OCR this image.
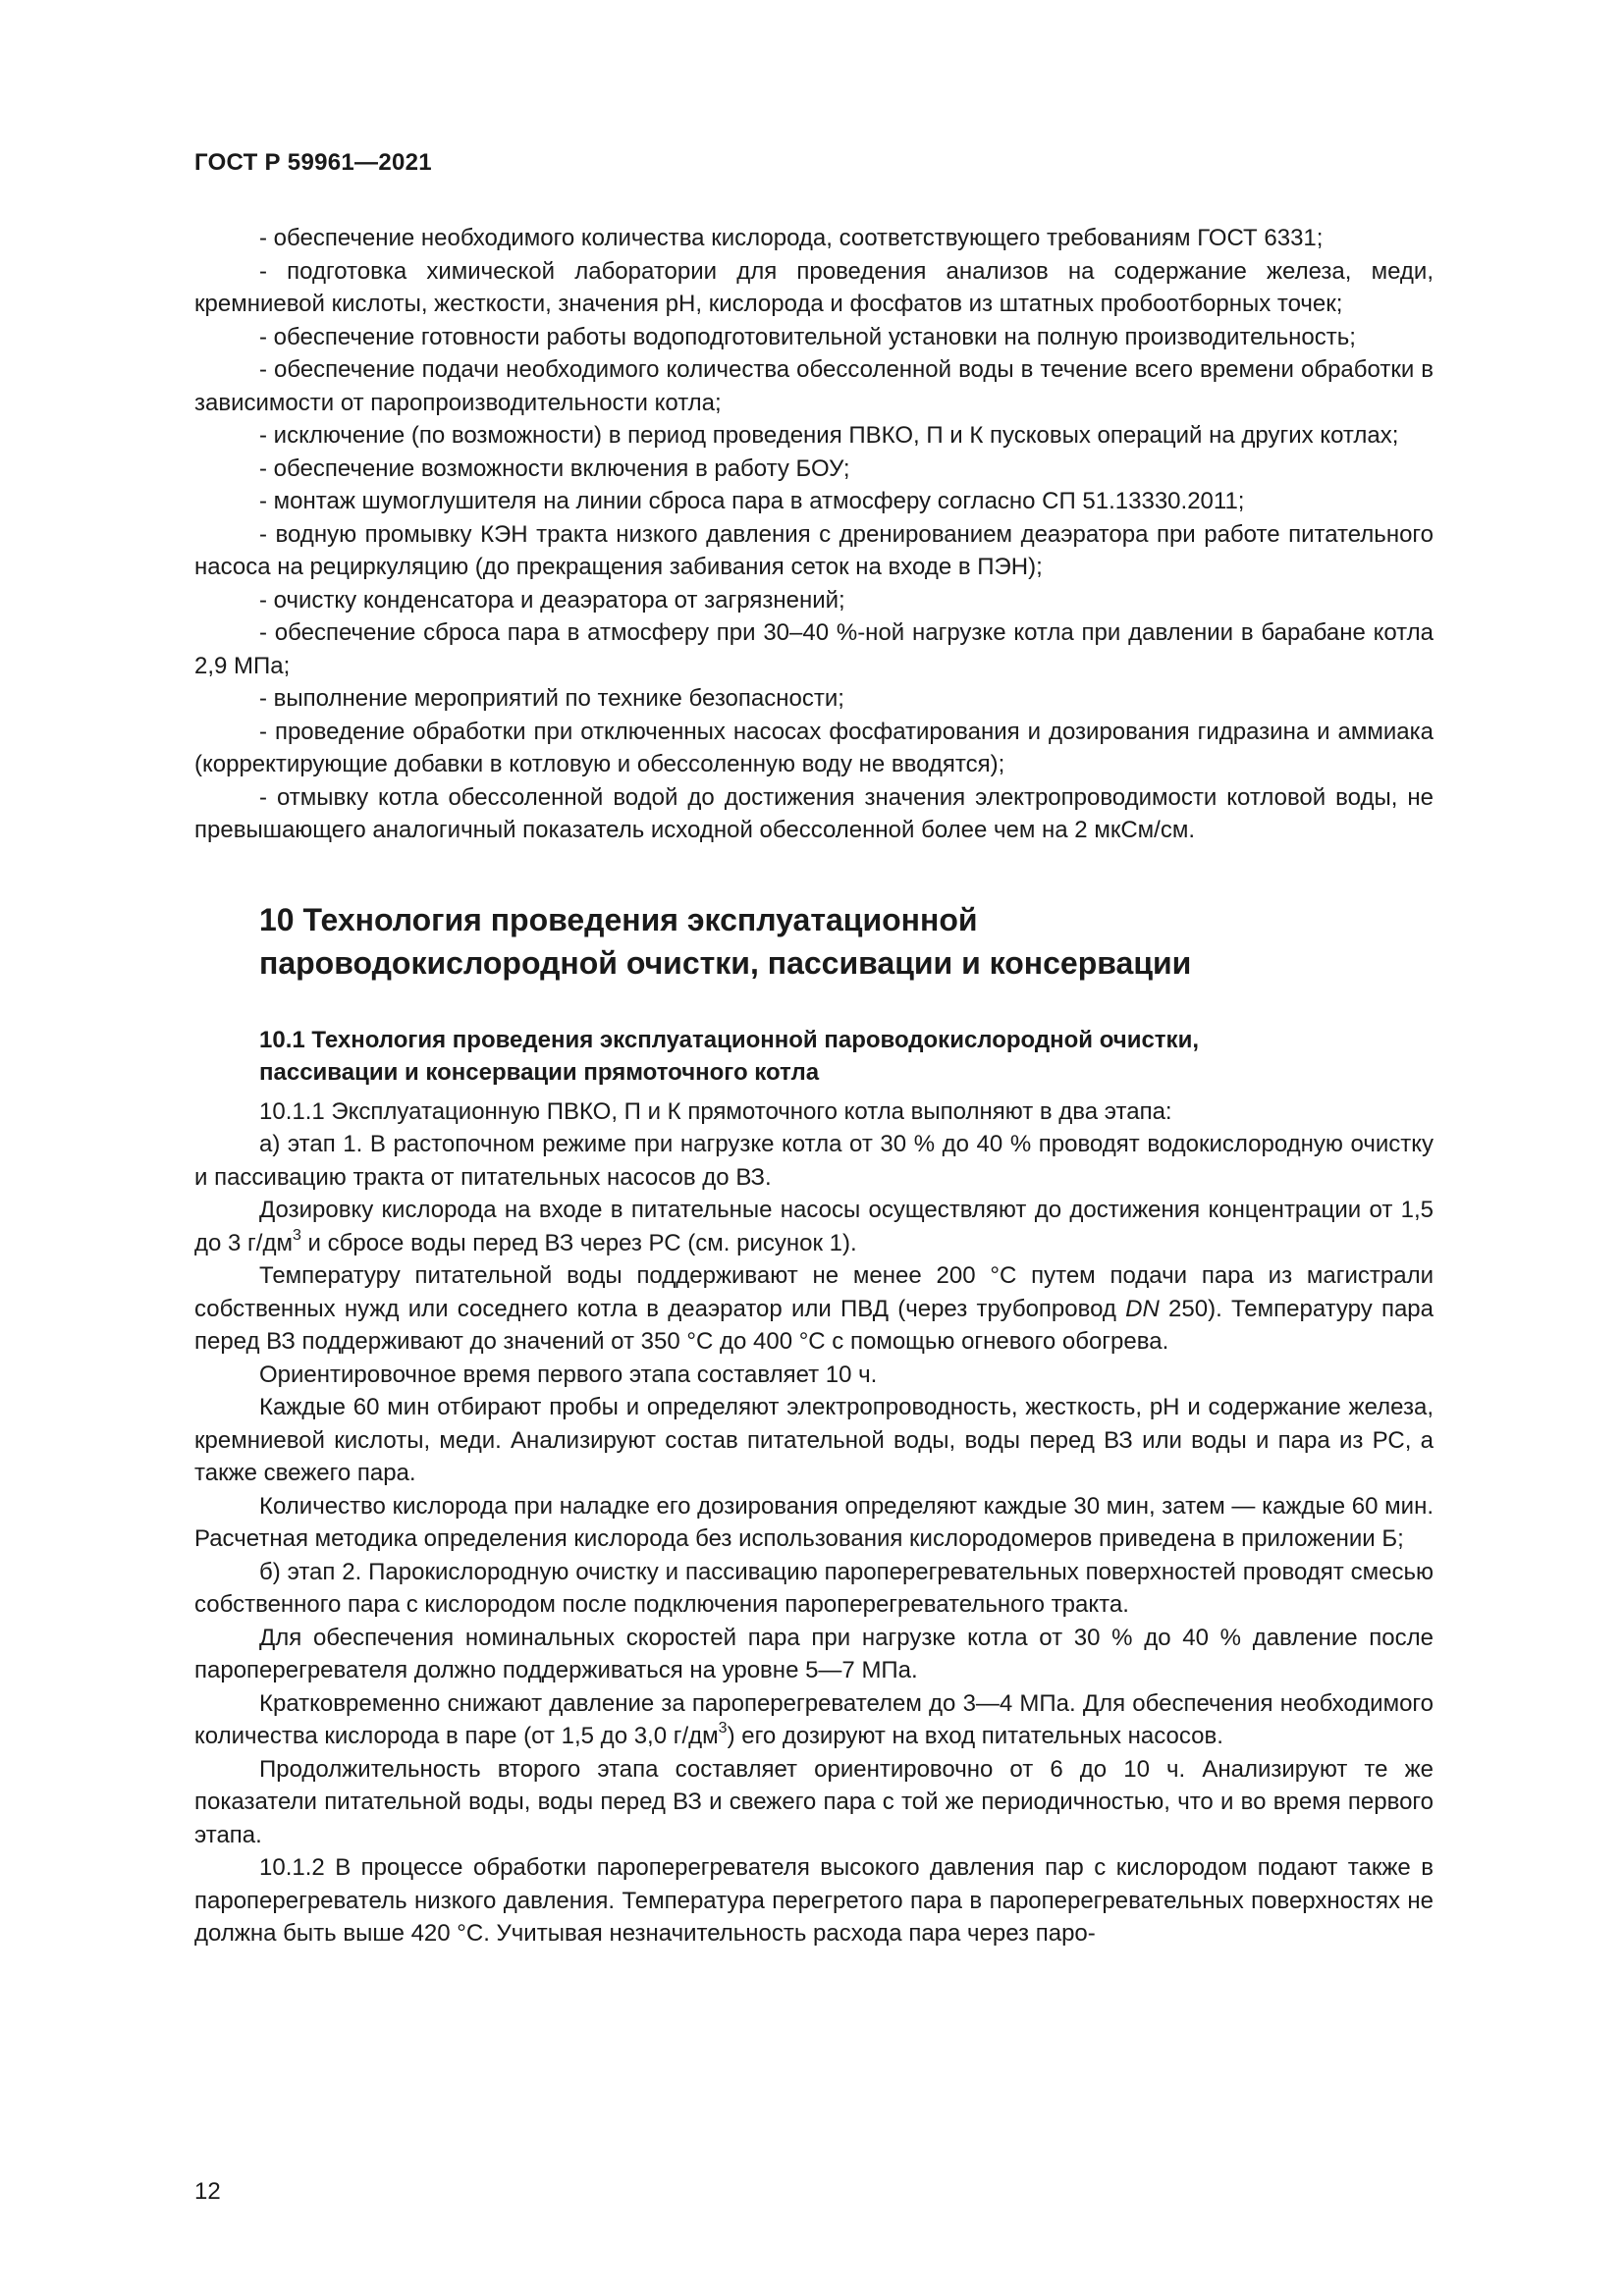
ГОСТ Р 59961—2021

- обеспечение необходимого количества кислорода, соответствующего требованиям ГОСТ 6331;

- подготовка химической лаборатории для проведения анализов на содержание железа, меди, кремниевой кислоты, жесткости, значения рН, кислорода и фосфатов из штатных пробоотборных точек;

- обеспечение готовности работы водоподготовительной установки на полную производительность;

- обеспечение подачи необходимого количества обессоленной воды в течение всего времени обработки в зависимости от паропроизводительности котла;

- исключение (по возможности) в период проведения ПВКО, П и К пусковых операций на других котлах;

- обеспечение возможности включения в работу БОУ;

- монтаж шумоглушителя на линии сброса пара в атмосферу согласно СП 51.13330.2011;

- водную промывку КЭН тракта низкого давления с дренированием деаэратора при работе питательного насоса на рециркуляцию (до прекращения забивания сеток на входе в ПЭН);

- очистку конденсатора и деаэратора от загрязнений;

- обеспечение сброса пара в атмосферу при 30–40 %-ной нагрузке котла при давлении в барабане котла 2,9 МПа;

- выполнение мероприятий по технике безопасности;

- проведение обработки при отключенных насосах фосфатирования и дозирования гидразина и аммиака (корректирующие добавки в котловую и обессоленную воду не вводятся);

- отмывку котла обессоленной водой до достижения значения электропроводимости котловой воды, не превышающего аналогичный показатель исходной обессоленной более чем на 2 мкСм/см.

10 Технология проведения эксплуатационной пароводокислородной очистки, пассивации и консервации
10.1 Технология проведения эксплуатационной пароводокислородной очистки, пассивации и консервации прямоточного котла

10.1.1 Эксплуатационную ПВКО, П и К прямоточного котла выполняют в два этапа:

а) этап 1. В растопочном режиме при нагрузке котла от 30 % до 40 % проводят водокислородную очистку и пассивацию тракта от питательных насосов до ВЗ.

Дозировку кислорода на входе в питательные насосы осуществляют до достижения концентрации от 1,5 до 3 $г/дм^3$ и сбросе воды перед ВЗ через РС (см. рисунок 1).

Температуру питательной воды поддерживают не менее 200 °С путем подачи пара из магистрали собственных нужд или соседнего котла в деаэратор или ПВД (через трубопровод DN 250). Температуру пара перед ВЗ поддерживают до значений от 350 °С до 400 °С с помощью огневого обогрева.

Ориентировочное время первого этапа составляет 10 ч.

Каждые 60 мин отбирают пробы и определяют электропроводность, жесткость, рН и содержание железа, кремниевой кислоты, меди. Анализируют состав питательной воды, воды перед ВЗ или воды и пара из РС, а также свежего пара.

Количество кислорода при наладке его дозирования определяют каждые 30 мин, затем — каждые 60 мин. Расчетная методика определения кислорода без использования кислородомеров приведена в приложении Б;

б) этап 2. Парокислородную очистку и пассивацию пароперегревательных поверхностей проводят смесью собственного пара с кислородом после подключения пароперегревательного тракта.

Для обеспечения номинальных скоростей пара при нагрузке котла от 30 % до 40 % давление после пароперегревателя должно поддерживаться на уровне 5—7 МПа.

Кратковременно снижают давление за пароперегревателем до 3—4 МПа. Для обеспечения необходимого количества кислорода в паре (от 1,5 до 3,0 $г/дм^3$) его дозируют на вход питательных насосов.

Продолжительность второго этапа составляет ориентировочно от 6 до 10 ч. Анализируют те же показатели питательной воды, воды перед ВЗ и свежего пара с той же периодичностью, что и во время первого этапа.

10.1.2 В процессе обработки пароперегревателя высокого давления пар с кислородом подают также в пароперегреватель низкого давления. Температура перегретого пара в пароперегревательных поверхностях не должна быть выше 420 °С. Учитывая незначительность расхода пара через паро-

12
